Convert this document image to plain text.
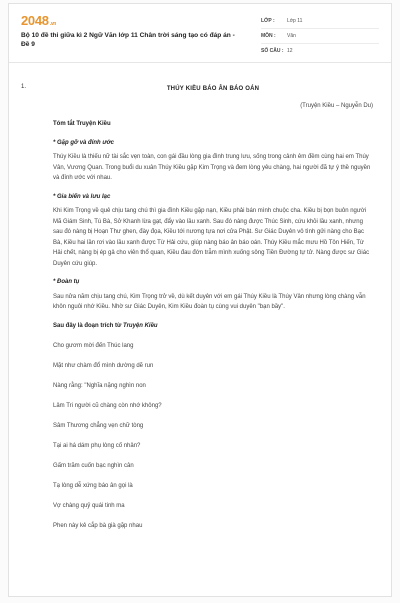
2048.vn
Bộ 10 đề thi giữa kì 2 Ngữ Văn lớp 11 Chân trời sáng tạo có đáp án - Đề 9
LỚP :	Lớp 11
MÔN :	Văn
SỐ CÂU : 12
1.	THÚY KIỀU BÁO ÂN BÁO OÁN
(Truyện Kiều – Nguyễn Du)
Tóm tắt Truyện Kiều
* Gặp gỡ và đính ước
Thúy Kiều là thiếu nữ tài sắc vẹn toàn, con gái đầu lòng gia đình trung lưu, sống trong cảnh êm đềm cùng hai em Thúy Vân, Vương Quan. Trong buổi du xuân Thúy Kiều gặp Kim Trọng và đem lòng yêu chàng, hai người đã tự ý thề nguyền và đính ước với nhau.
* Gia biến và lưu lạc
Khi Kim Trọng về quê chịu tang chú thì gia đình Kiều gặp nạn, Kiều phải bán mình chuộc cha. Kiều bị bọn buôn người Mã Giám Sinh, Tú Bà, Sở Khanh lừa gạt, đẩy vào lầu xanh. Sau đó nàng được Thúc Sinh, cứu khỏi lầu xanh, nhưng sau đó nàng bị Hoạn Thư ghen, đày đọa, Kiều tới nương tựa nơi cửa Phật. Sư Giác Duyên vô tình gửi nàng cho Bạc Bà, Kiều hai lần rơi vào lầu xanh được Từ Hải cứu, giúp nàng báo ân báo oán. Thúy Kiều mắc mưu Hồ Tôn Hiến, Từ Hải chết, nàng bị ép gả cho viên thổ quan, Kiều đau đớn trẫm mình xuống sông Tiền Đường tự tử. Nàng được sư Giác Duyên cứu giúp.
* Đoàn tụ
Sau nửa năm chịu tang chú, Kim Trọng trở về, dù kết duyên với em gái Thúy Kiều là Thúy Vân nhưng lòng chàng vẫn khôn nguôi nhớ Kiều. Nhờ sư Giác Duyên, Kim Kiều đoàn tụ cùng vui duyên "bạn bầy".
Sau đây là đoạn trích từ Truyện Kiều
Cho gươm mời đến Thúc lang
Mặt như chàm đổ mình dường dẽ run
Nàng rằng: "Nghĩa nặng nghìn non
Lâm Tri người cũ chàng còn nhớ không?
Sâm Thương chẳng vẹn chữ tòng
Tại ai há dám phụ lòng cố nhân?
Gấm trăm cuốn bạc nghìn cân
Tạ lòng dễ xứng báo ân gọi là
Vợ chàng quỷ quái tinh ma
Phen này kẻ cắp bà già gặp nhau
